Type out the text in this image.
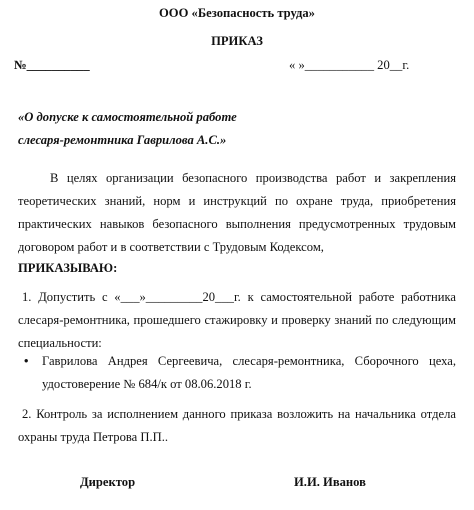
ООО «Безопасность труда»
ПРИКАЗ
№__________	« »___________ 20__г.
«О допуске к самостоятельной работе
слесаря-ремонтника Гаврилова А.С.»
В целях организации безопасного производства работ и закрепления теоретических знаний, норм и инструкций по охране труда, приобретения практических навыков безопасного выполнения предусмотренных трудовым договором работ и в соответствии с Трудовым Кодексом,
ПРИКАЗЫВАЮ:
1. Допустить с «___»_________20___г. к самостоятельной работе работника слесаря-ремонтника, прошедшего стажировку и проверку знаний по следующим специальности:
• Гаврилова Андрея Сергеевича, слесаря-ремонтника, Сборочного цеха, удостоверение № 684/к от 08.06.2018 г.
2. Контроль за исполнением данного приказа возложить на начальника отдела охраны труда Петрова П.П..
Директор	И.И. Иванов
